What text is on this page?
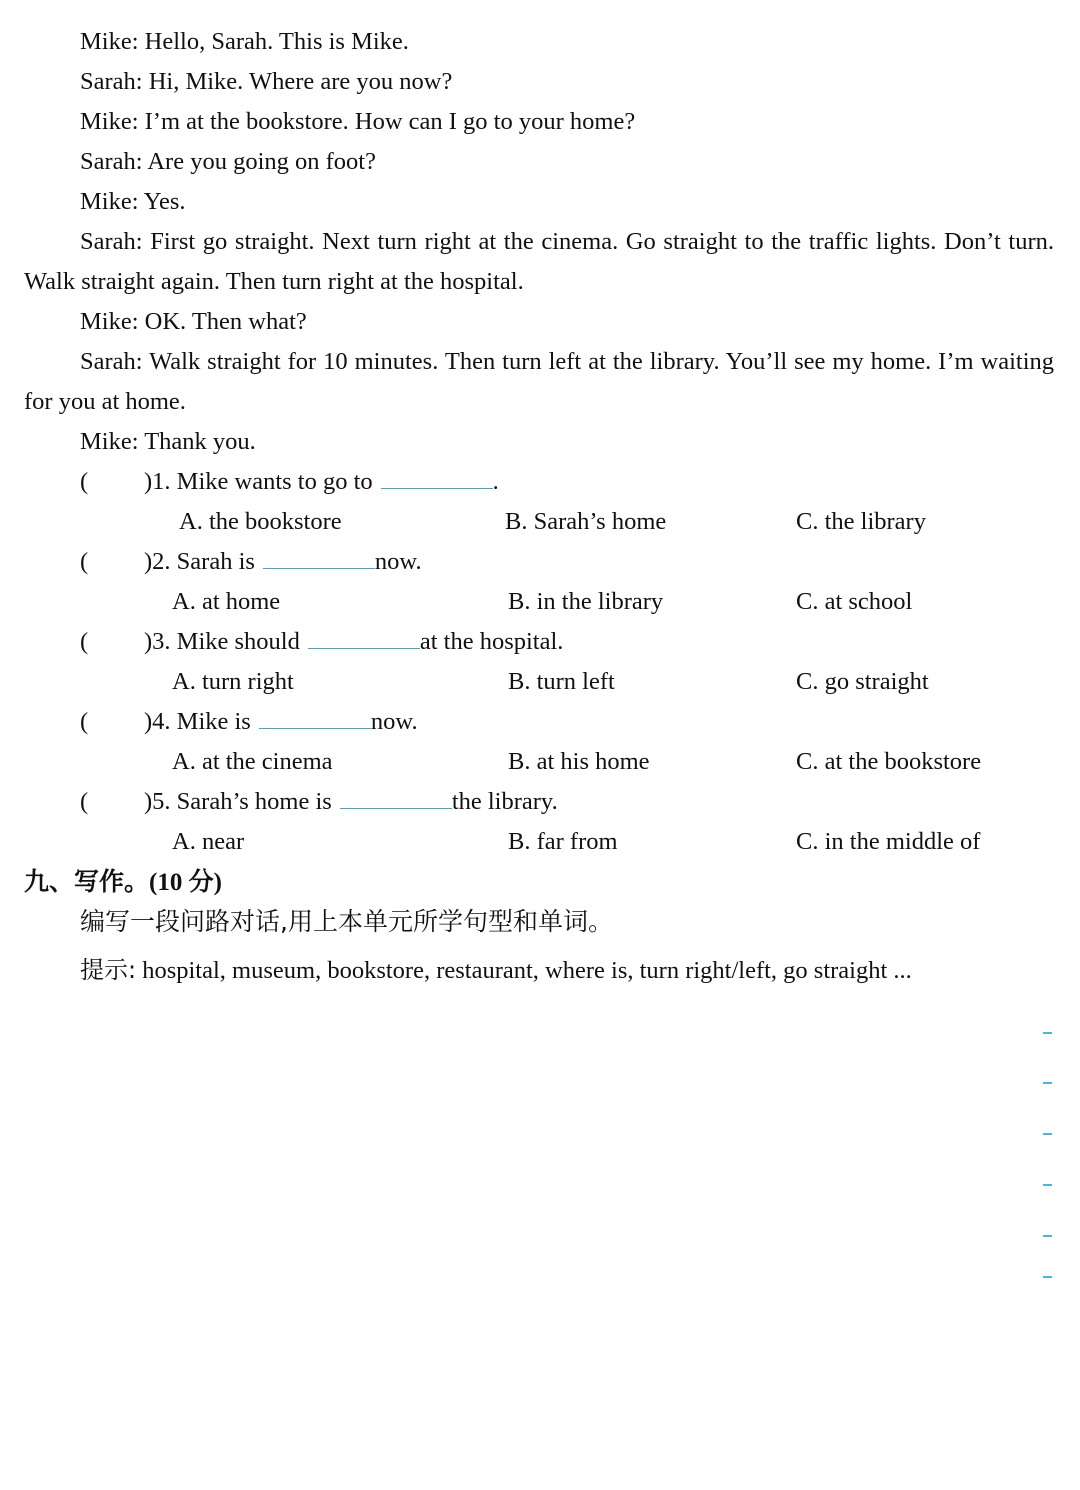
Mike: Hello, Sarah. This is Mike.
Sarah: Hi, Mike. Where are you now?
Mike: I’m at the bookstore. How can I go to your home?
Sarah: Are you going on foot?
Mike: Yes.
Sarah: First go straight. Next turn right at the cinema. Go straight to the traffic lights. Don’t turn. Walk straight again. Then turn right at the hospital.
Mike: OK. Then what?
Sarah: Walk straight for 10 minutes. Then turn left at the library. You’ll see my home. I’m waiting for you at home.
Mike: Thank you.
( )1. Mike wants to go to	.
A. the bookstore	B. Sarah’s home	C. the library
( )2. Sarah is	now.
A. at home	B. in the library	C. at school
( )3. Mike should	at the hospital.
A. turn right	B. turn left	C. go straight
( )4. Mike is	now.
A. at the cinema	B. at his home	C. at the bookstore
( )5. Sarah’s home is	the library.
A. near	B. far from	C. in the middle of
九、写作。(10 分)
编写一段问路对话,用上本单元所学句型和单词。
提示: hospital, museum, bookstore, restaurant, where is, turn right/left, go straight ...
